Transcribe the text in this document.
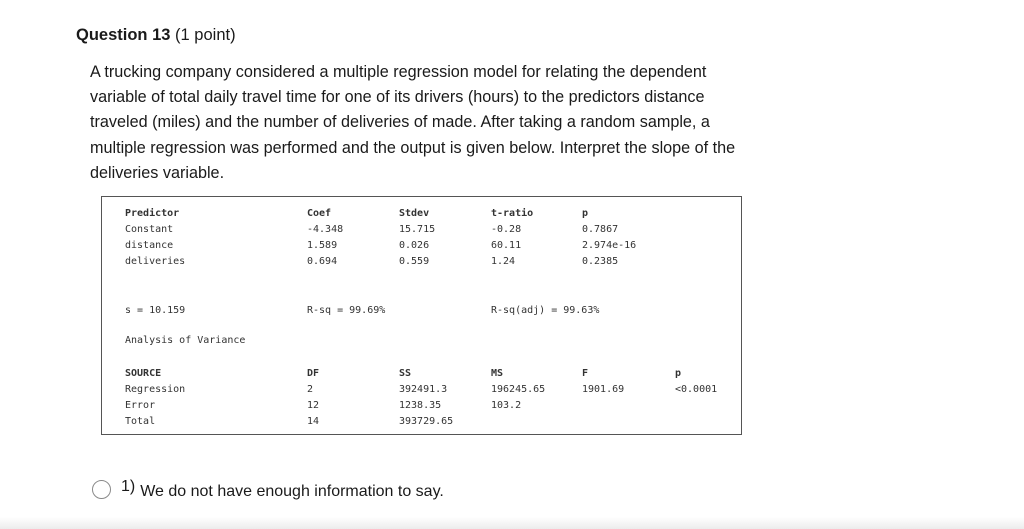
Question 13 (1 point)
A trucking company considered a multiple regression model for relating the dependent variable of total daily travel time for one of its drivers (hours) to the predictors distance traveled (miles) and the number of deliveries of made. After taking a random sample, a multiple regression was performed and the output is given below. Interpret the slope of the deliveries variable.
Predictor	Coef	Stdev	t-ratio	p
Constant	-4.348	15.715	-0.28	0.7867
distance	1.589	0.026	60.11	2.974e-16
deliveries	0.694	0.559	1.24	0.2385
s = 10.159	R-sq = 99.69%	R-sq(adj) = 99.63%
Analysis of Variance
SOURCE	DF	SS	MS	F	p
Regression	2	392491.3	196245.65	1901.69	<0.0001
Error	12	1238.35	103.2
Total	14	393729.65
1) We do not have enough information to say.
